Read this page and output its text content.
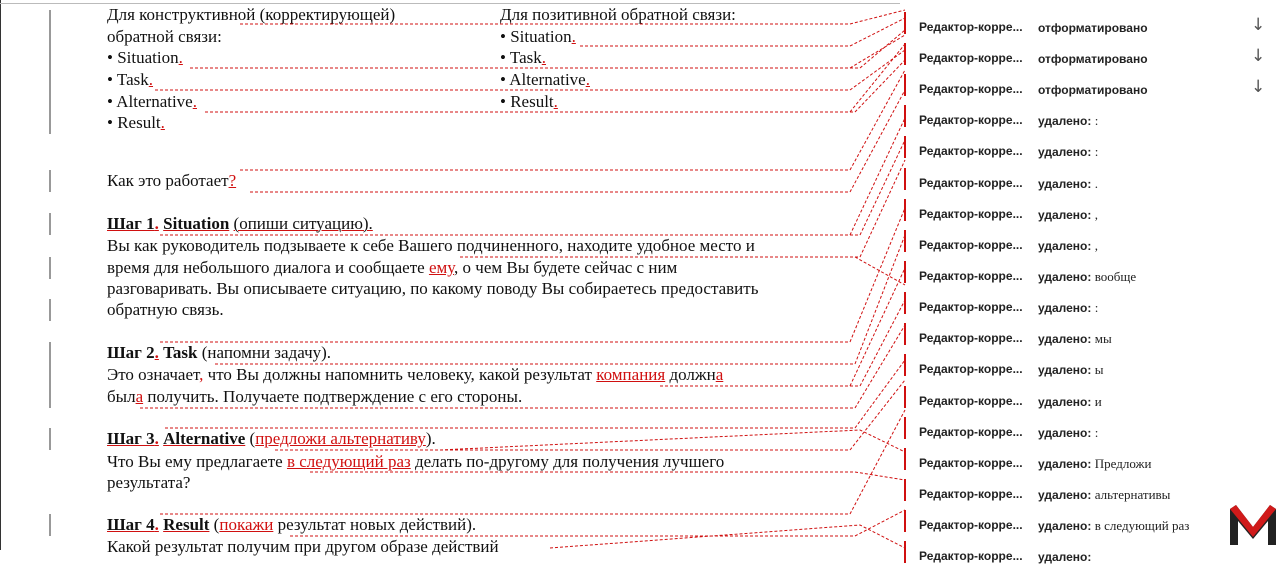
Для конструктивной (корректирующей)
обратной связи:
• Situation.
• Task.
• Alternative.
• Result.
Для позитивной обратной связи:
• Situation.
• Task.
• Alternative.
• Result.
Как это работает?
Шаг 1. Situation (опиши ситуацию).
Вы как руководитель подзываете к себе Вашего подчиненного, находите удобное место и
время для небольшого диалога и сообщаете ему, о чем Вы будете сейчас с ним
разговаривать. Вы описываете ситуацию, по какому поводу Вы собираетесь предоставить
обратную связь.
Шаг 2. Task (напомни задачу).
Это означает, что Вы должны напомнить человеку, какой результат компания должна
была получить. Получаете подтверждение с его стороны.
Шаг 3. Alternative (предложи альтернативу).
Что Вы ему предлагаете в следующий раз делать по-другому для получения лучшего
результата?
Шаг 4. Result (покажи результат новых действий).
Какой результат получим при другом образе действий
Редактор-корре... отформатировано	↓
Редактор-корре... отформатировано	↓
Редактор-корре... отформатировано	↓
Редактор-корре... удалено: :
Редактор-корре... удалено: :
Редактор-корре... удалено: .
Редактор-корре... удалено: ,
Редактор-корре... удалено: ,
Редактор-корре... удалено: вообще
Редактор-корре... удалено: :
Редактор-корре... удалено: мы
Редактор-корре... удалено: ы
Редактор-корре... удалено: и
Редактор-корре... удалено: :
Редактор-корре... удалено: Предложи
Редактор-корре... удалено: альтернативы
Редактор-корре... удалено: в следующий раз
Редактор-корре... удалено:
